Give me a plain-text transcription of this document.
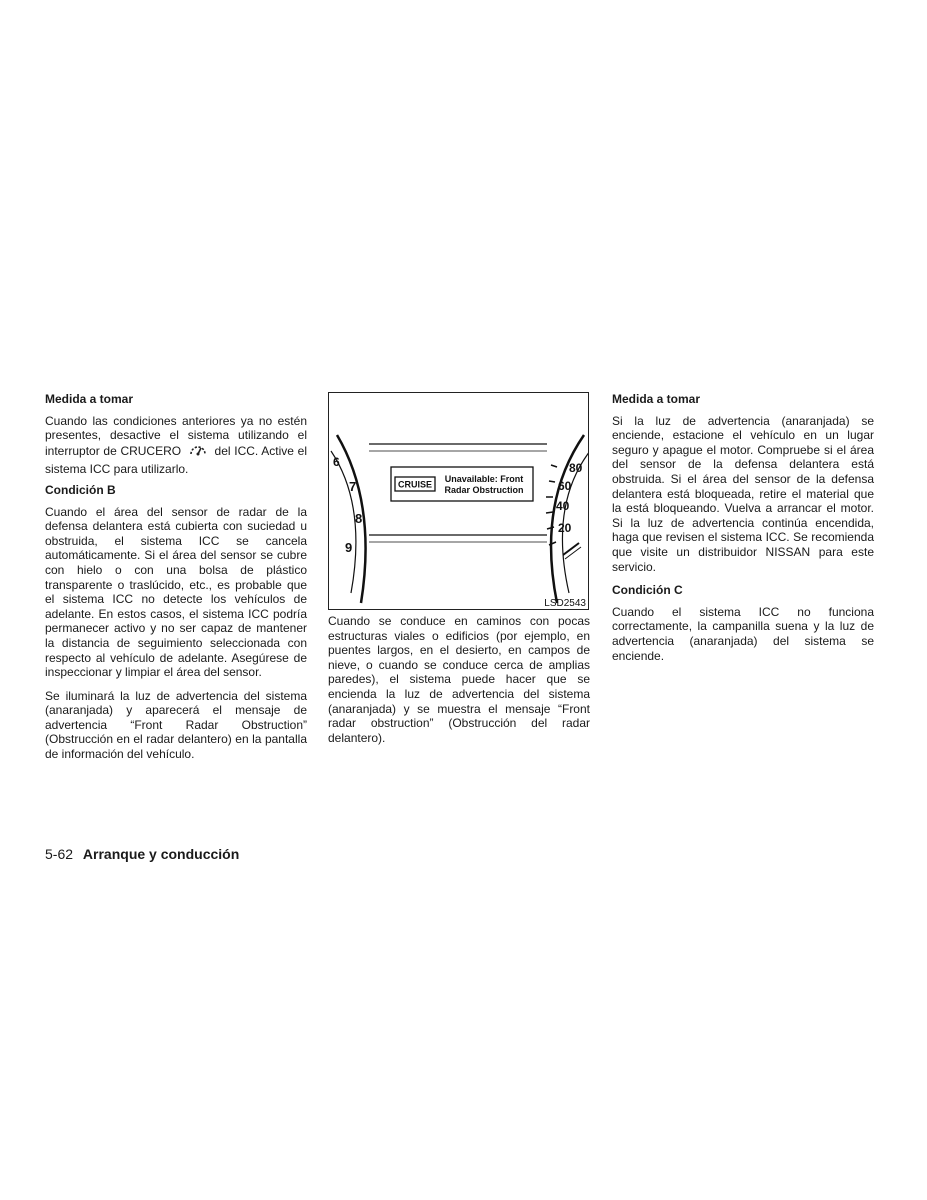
Medida a tomar
Cuando las condiciones anteriores ya no estén presentes, desactive el sistema utilizando el interruptor de CRUCERO	del ICC. Active el sistema ICC para utilizarlo.
Condición B
Cuando el área del sensor de radar de la defensa delantera está cubierta con suciedad u obstruida, el sistema ICC se cancela automáticamente. Si el área del sensor se cubre con hielo o con una bolsa de plástico transparente o traslúcido, etc., es probable que el sistema ICC no detecte los vehículos de adelante. En estos casos, el sistema ICC podría permanecer activo y no ser capaz de mantener la distancia de seguimiento seleccionada con respecto al vehículo de adelante. Asegúrese de inspeccionar y limpiar el área del sensor.
Se iluminará la luz de advertencia del sistema (anaranjada) y aparecerá el mensaje de advertencia “Front Radar Obstruction” (Obstrucción en el radar delantero) en la pantalla de información del vehículo.
CRUISE
Unavailable: Front
Radar Obstruction
6
7
8
9
80
60
40
20
LSD2543
Cuando se conduce en caminos con pocas estructuras viales o edificios (por ejemplo, en puentes largos, en el desierto, en campos de nieve, o cuando se conduce cerca de amplias paredes), el sistema puede hacer que se encienda la luz de advertencia del sistema (anaranjada) y se muestra el mensaje “Front radar obstruction” (Obstrucción del radar delantero).
Medida a tomar
Si la luz de advertencia (anaranjada) se enciende, estacione el vehículo en un lugar seguro y apague el motor. Compruebe si el área del sensor de la defensa delantera está obstruida. Si el área del sensor de la defensa delantera está bloqueada, retire el material que la está bloqueando. Vuelva a arrancar el motor. Si la luz de advertencia continúa encendida, haga que revisen el sistema ICC. Se recomienda que visite un distribuidor NISSAN para este servicio.
Condición C
Cuando el sistema ICC no funciona correctamente, la campanilla suena y la luz de advertencia (anaranjada) del sistema se enciende.
5-62 Arranque y conducción
